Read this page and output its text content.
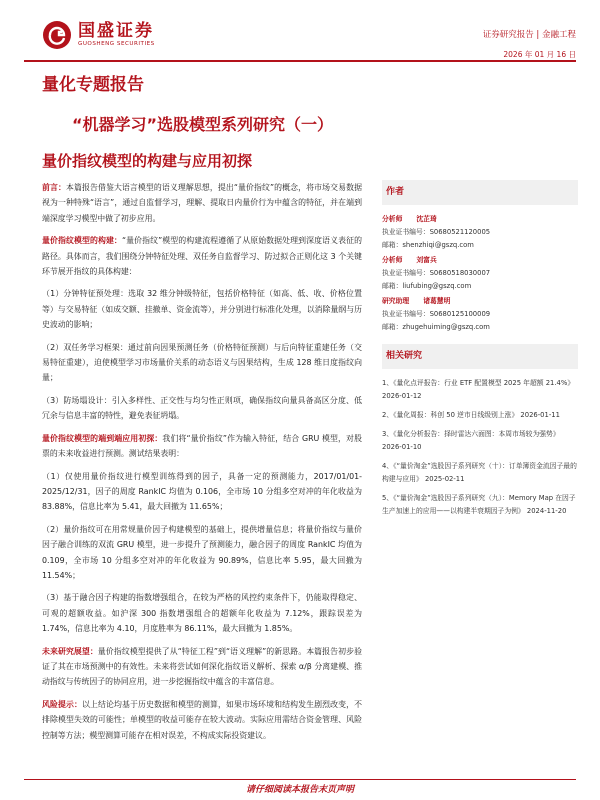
国盛证券
GUOSHENG SECURITIES
证券研究报告 | 金融工程
2026 年 01 月 16 日
量化专题报告
“机器学习”选股模型系列研究（一）
量价指纹模型的构建与应用初探

前言：本篇报告借鉴大语言模型的语义理解思想，提出“量价指纹”的概念，将市场交易数据视为一种特殊“语言”，通过自监督学习，理解、提取日内量价行为中蕴含的特征，并在端到端深度学习模型中做了初步应用。

量价指纹模型的构建：“量价指纹”模型的构建流程遵循了从原始数据处理到深度语义表征的路径。具体而言，我们围绕分钟特征处理、双任务自监督学习、防过拟合正则化这 3 个关键环节展开指纹的具体构建：

（1）分钟特征预处理：选取 32 维分钟级特征，包括价格特征（如高、低、收、价格位置等）与交易特征（如成交额、挂撤单、资金流等），并分别进行标准化处理，以消除量纲与历史波动的影响；

（2）双任务学习框架：通过前向因果预测任务（价格特征预测）与后向特征重建任务（交易特征重建），迫使模型学习市场量价关系的动态语义与因果结构，生成 128 维日度指纹向量；

（3）防场塌设计：引入多样性、正交性与均匀性正则项，确保指纹向量具备高区分度、低冗余与信息丰富的特性，避免表征坍塌。

量价指纹模型的端到端应用初探：我们将“量价指纹”作为输入特征，结合 GRU 模型，对股票的未来收益进行预测。测试结果表明：

（1）仅使用量价指纹进行模型训练得到的因子，具备一定的预测能力，2017/01/01-2025/12/31，因子的周度 RankIC 均值为 0.106，全市场 10 分组多空对冲的年化收益为 83.88%，信息比率为 5.41，最大回撤为 11.65%；

（2）量价指纹可在用常规量价因子构建模型的基础上，提供增量信息；将量价指纹与量价因子融合训练的双流 GRU 模型，进一步提升了预测能力，融合因子的周度 RankIC 均值为 0.109，全市场 10 分组多空对冲的年化收益为 90.89%，信息比率 5.95，最大回撤为 11.54%；

（3）基于融合因子构建的指数增强组合，在较为严格的风控约束条件下，仍能取得稳定、可观的超额收益。如沪深 300 指数增强组合的超额年化收益为 7.12%，跟踪误差为 1.74%，信息比率为 4.10，月度胜率为 86.11%，最大回撤为 1.85%。

未来研究展望：量价指纹模型提供了从“特征工程”到“语义理解”的新思路。本篇报告初步验证了其在市场预测中的有效性。未来将尝试如何深化指纹语义解析、探索 α/β 分离建模、推动指纹与传统因子的协同应用，进一步挖掘指纹中蕴含的丰富信息。

风险提示：以上结论均基于历史数据和模型的测算，如果市场环境和结构发生剧烈改变，不排除模型失效的可能性；单模型的收益可能存在较大波动。实际应用需结合资金管理、风险控制等方法；模型测算可能存在相对误差，不构成实际投资建议。

作者
分析师 沈芷琦
执业证书编号：S0680521120005
邮箱：shenzhiqi@gszq.com
分析师 刘富兵
执业证书编号：S0680518030007
邮箱：liufubing@gszq.com
研究助理 诸葛慧明
执业证书编号：S0680125100009
邮箱：zhugehuiming@gszq.com
相关研究
1、《量化点评报告：行业 ETF 配置模型 2025 年超额 21.4%》 2026-01-12
2、《量化周报：科创 50 逆市日线级别上涨》 2026-01-11
3、《量化分析报告：择时雷达六面图：本周市场较为强势》 2026-01-10
4、《“量价淘金”选股因子系列研究（十）：订单簿资金流因子最的构建与应用》 2025-02-11
5、《“量价淘金”选股因子系列研究（九）：Memory Map 在因子生产加速上的应用——以构建半衰期因子为例》 2024-11-20
请仔细阅读本报告末页声明
